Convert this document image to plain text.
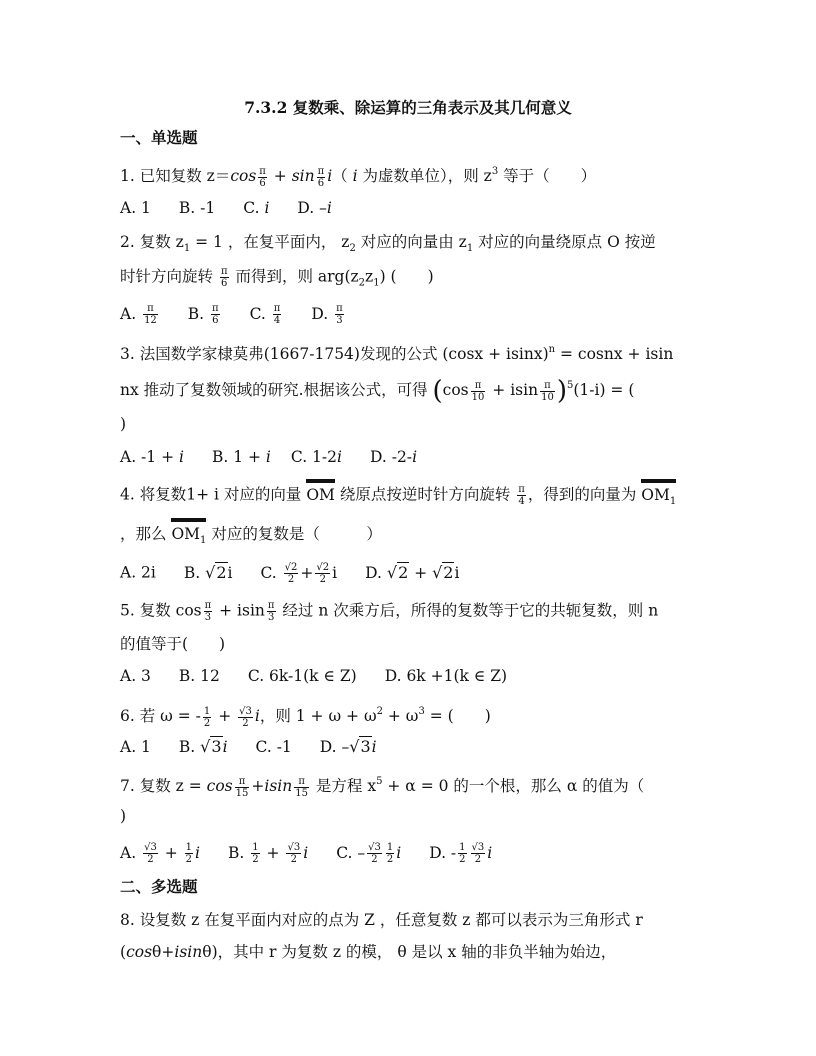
7.3.2 复数乘、除运算的三角表示及其几何意义
一、单选题
1. 已知复数 $z=\cos \frac{\pi}{6} + \sin \frac{\pi}{6} i$（ i 为虚数单位），则 $z^3$ 等于（　　）
A. 1 B. -1 C. i D. –i
2. 复数 $z_1 = 1$ ，在复平面内， $z_2$ 对应的向量由 $z_1$ 对应的向量绕原点 O 按逆
时针方向旋转 $\frac{\pi}{6}$ 而得到，则 $arg(z_2z_1)$ (　　)
A. $\frac{\pi}{12} B$. $\frac{\pi}{6} C$. $\frac{\pi}{4} D$. $\frac{\pi}{3}$
3. 法国数学家棣莫弗(1667-1754)发现的公式 $(\cos x + isinx)^n$ = cosnx + isin
nx 推动了复数领域的研究.根据该公式，可得 $(\cos \frac{\pi}{10} + isin \frac{\pi}{10} )^5(1-i)$ = (
)
A. -1 + i B. 1 + i C. 1-2i D. -2-i
4. 将复数1+ i 对应的向量 OM 绕原点按逆时针方向旋转 $\frac{\pi}{4}$ ，得到的向量为 $OM_1$
，那么 $OM_1$ 对应的复数是（　　　）
A. 2i B. √2i C. $\frac{√2}{2} + \frac{√2}{2}$ i D. √2 + √2i
5. 复数 $\cos \frac{\pi}{3} + isin \frac{\pi}{3}$ 经过 n 次乘方后，所得的复数等于它的共轭复数，则 n
的值等于(　　)
A. 3 B. 12 C. 6k-1(k ∈ Z) D. 6k +1(k ∈ Z)
6. 若 ω = - $\frac{1}{2} + \frac{√3}{2}$ i，则 $1 + \omega + \omega^2 + \omega^3$ = (　　)
A. 1 B. √3i C. -1 D. –√3i
7. 复数 $z = \cos \frac{\pi}{15} +isin \frac{\pi}{15}$ 是方程 $x^5 + \alpha = 0$ 的一个根，那么 α 的值为（
)
A. $\frac{√3}{2} + \frac{1}{2}$ i B. $\frac{1}{2} + \frac{√3}{2}$ i C. – $\frac{√3}{2} \frac{1}{2}$ i D. - $\frac{1}{2} \frac{√3}{2}$ i
二、多选题
8. 设复数 z 在复平面内对应的点为 Z ，任意复数 z 都可以表示为三角形式 r
(cosθ+isinθ)，其中 r 为复数 z 的模， θ 是以 x 轴的非负半轴为始边，
